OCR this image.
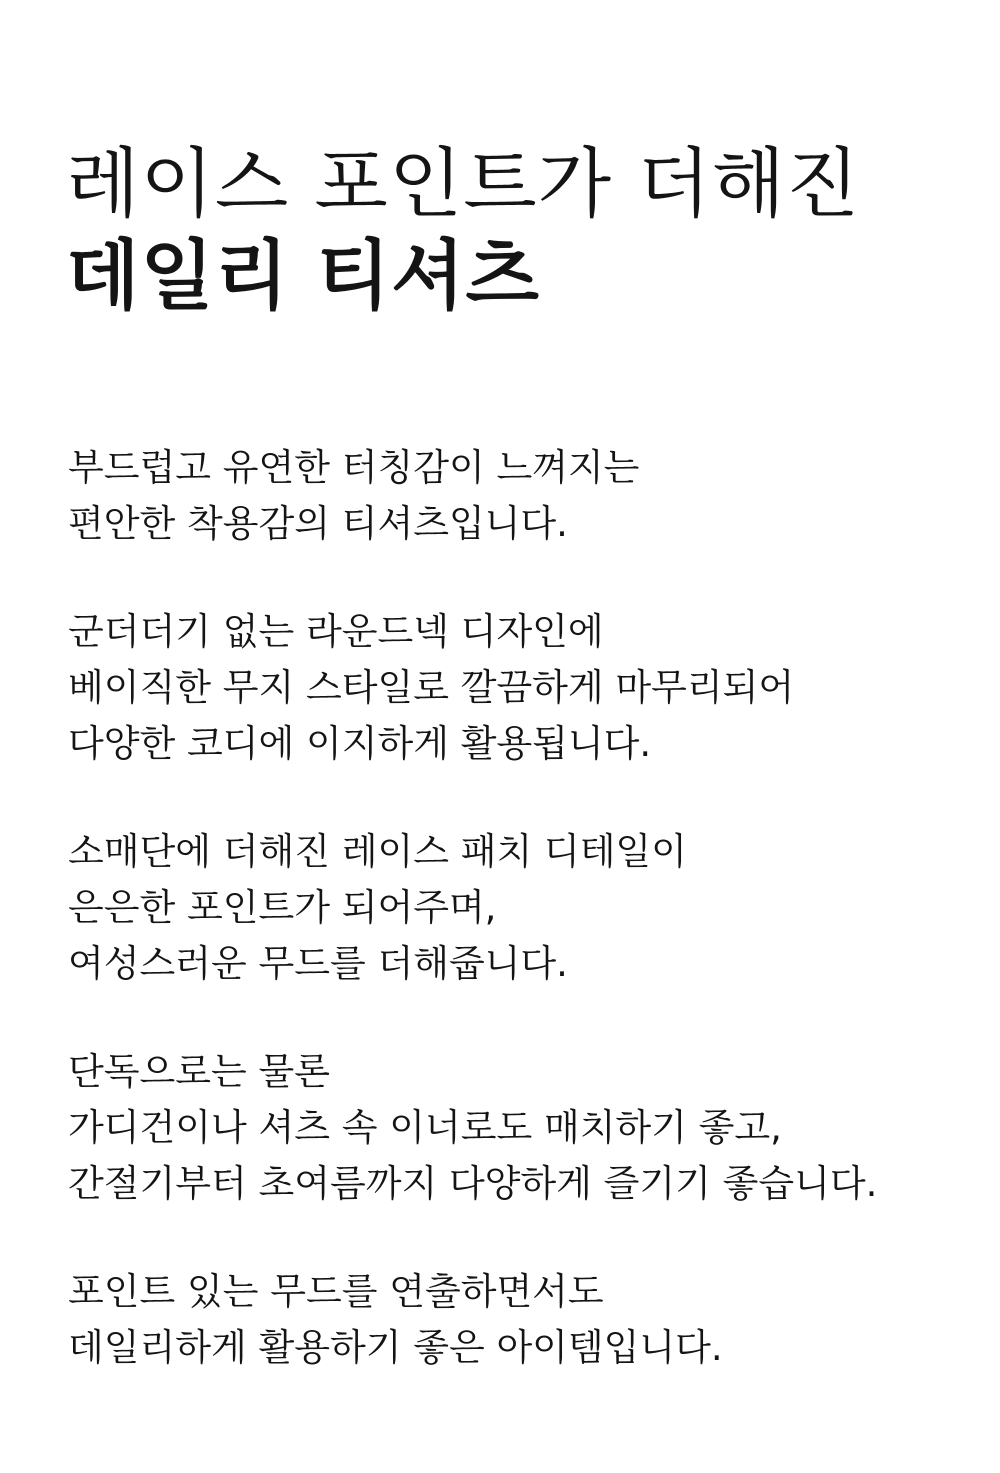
레이스 포인트가 더해진
데일리 티셔츠

부드럽고 유연한 터칭감이 느껴지는
편안한 착용감의 티셔츠입니다.

군더더기 없는 라운드넥 디자인에
베이직한 무지 스타일로 깔끔하게 마무리되어
다양한 코디에 이지하게 활용됩니다.

소매단에 더해진 레이스 패치 디테일이
은은한 포인트가 되어주며,
여성스러운 무드를 더해줍니다.

단독으로는 물론
가디건이나 셔츠 속 이너로도 매치하기 좋고,
간절기부터 초여름까지 다양하게 즐기기 좋습니다.

포인트 있는 무드를 연출하면서도
데일리하게 활용하기 좋은 아이템입니다.
